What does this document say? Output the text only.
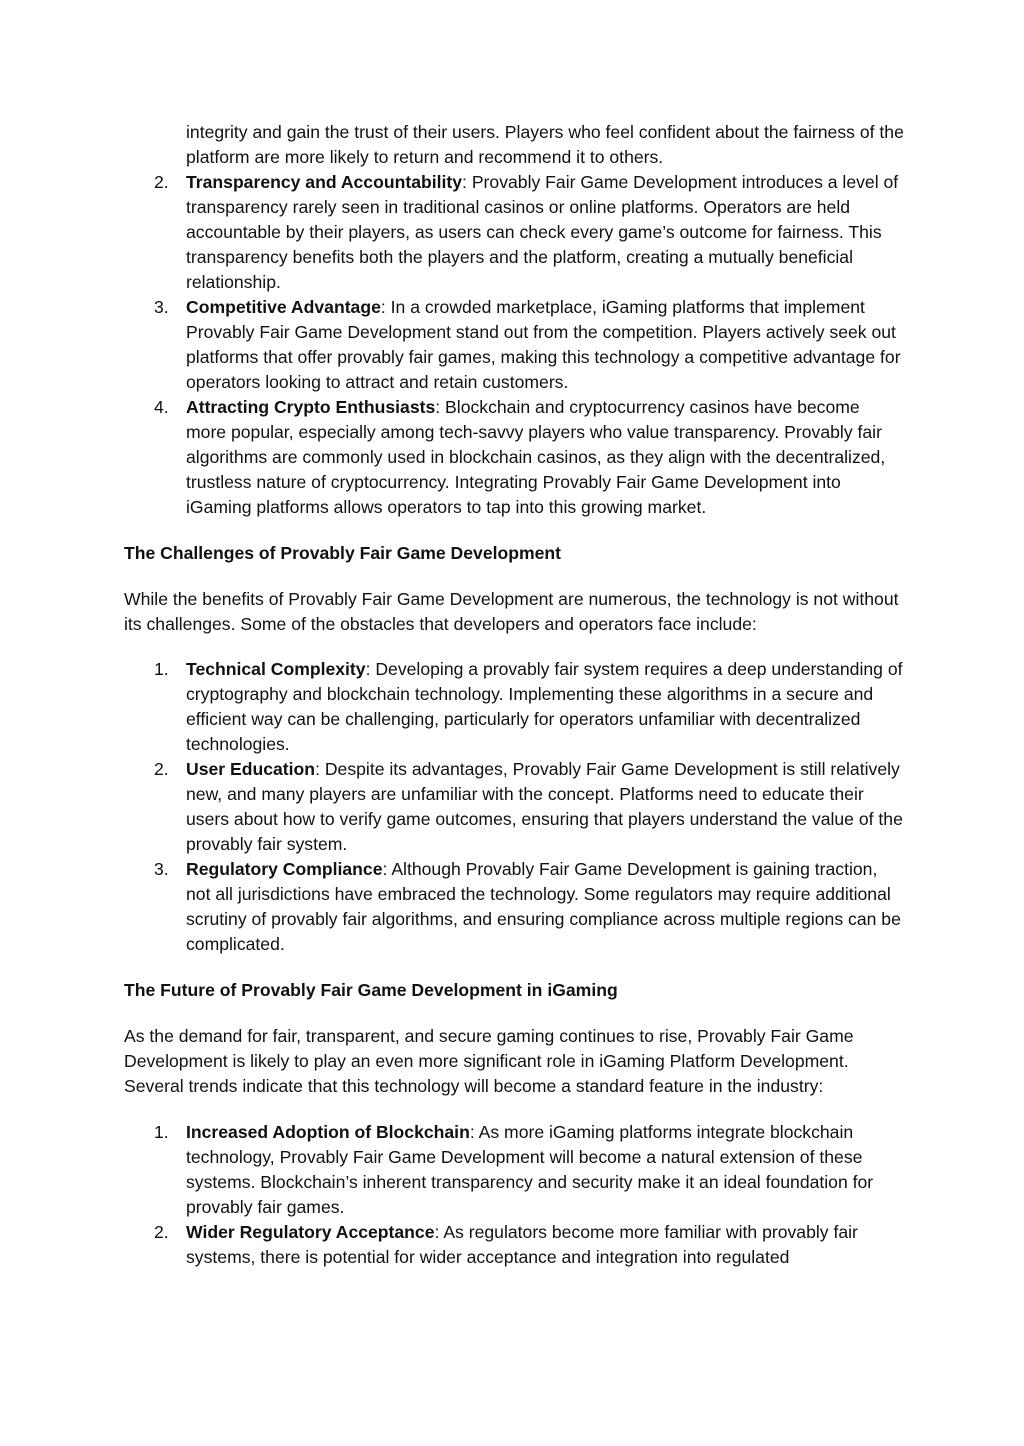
integrity and gain the trust of their users. Players who feel confident about the fairness of the platform are more likely to return and recommend it to others.

2. Transparency and Accountability: Provably Fair Game Development introduces a level of transparency rarely seen in traditional casinos or online platforms. Operators are held accountable by their players, as users can check every game’s outcome for fairness. This transparency benefits both the players and the platform, creating a mutually beneficial relationship.
3. Competitive Advantage: In a crowded marketplace, iGaming platforms that implement Provably Fair Game Development stand out from the competition. Players actively seek out platforms that offer provably fair games, making this technology a competitive advantage for operators looking to attract and retain customers.
4. Attracting Crypto Enthusiasts: Blockchain and cryptocurrency casinos have become more popular, especially among tech-savvy players who value transparency. Provably fair algorithms are commonly used in blockchain casinos, as they align with the decentralized, trustless nature of cryptocurrency. Integrating Provably Fair Game Development into iGaming platforms allows operators to tap into this growing market.
The Challenges of Provably Fair Game Development

While the benefits of Provably Fair Game Development are numerous, the technology is not without its challenges. Some of the obstacles that developers and operators face include:

1. Technical Complexity: Developing a provably fair system requires a deep understanding of cryptography and blockchain technology. Implementing these algorithms in a secure and efficient way can be challenging, particularly for operators unfamiliar with decentralized technologies.
2. User Education: Despite its advantages, Provably Fair Game Development is still relatively new, and many players are unfamiliar with the concept. Platforms need to educate their users about how to verify game outcomes, ensuring that players understand the value of the provably fair system.
3. Regulatory Compliance: Although Provably Fair Game Development is gaining traction, not all jurisdictions have embraced the technology. Some regulators may require additional scrutiny of provably fair algorithms, and ensuring compliance across multiple regions can be complicated.
The Future of Provably Fair Game Development in iGaming

As the demand for fair, transparent, and secure gaming continues to rise, Provably Fair Game Development is likely to play an even more significant role in iGaming Platform Development. Several trends indicate that this technology will become a standard feature in the industry:

1. Increased Adoption of Blockchain: As more iGaming platforms integrate blockchain technology, Provably Fair Game Development will become a natural extension of these systems. Blockchain’s inherent transparency and security make it an ideal foundation for provably fair games.
2. Wider Regulatory Acceptance: As regulators become more familiar with provably fair systems, there is potential for wider acceptance and integration into regulated
